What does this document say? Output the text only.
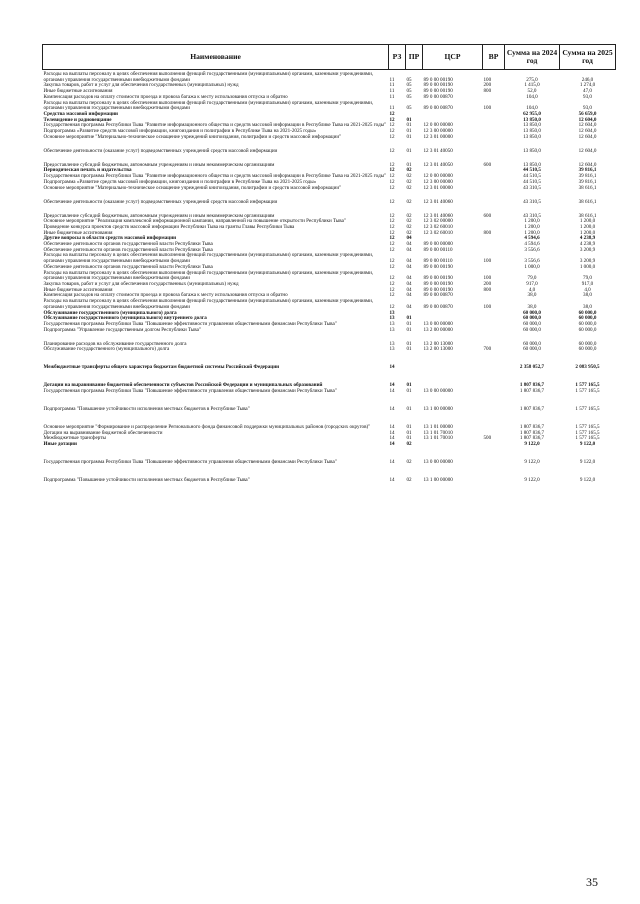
Наименование	РЗ	ПР	ЦСР	ВР	Сумма на 2024 год	Сумма на 2025 год
Расходы на выплаты персоналу в целях обеспечения выполнения функций государственными (муниципальными) органами, казенными учреждениями, органами управления государственными внебюджетными фондами	11	05	89 0 00 00190	100	275,0	246,0
Закупка товаров, работ и услуг для обеспечения государственных (муниципальных) нужд	11	05	89 0 00 00190	200	1 415,0	1 274,0
Иные бюджетные ассигнования	11	05	89 0 00 00190	800	52,0	47,0
Компенсация расходов на оплату стоимости проезда и провоза багажа к месту использования отпуска и обратно	11	05	89 0 00 00870		104,0	93,0
Расходы на выплаты персоналу в целях обеспечения выполнения функций государственными (муниципальными) органами, казенными учреждениями, органами управления государственными внебюджетными фондами	11	05	89 0 00 00870	100	104,0	93,0
Средства массовой информации	12				62 955,0	56 659,0
Телевидение и радиовещание	12	01			13 850,0	12 604,0
Государственная программа Республики Тыва "Развитие информационного общества и средств массовой информации в Республике Тыва на 2021-2025 годы"	12	01	12 0 00 00000		13 850,0	12 604,0
Подпрограмма «Развитие средств массовой информации, книгоиздания и полиграфии в Республике Тыва на 2021-2025 годы»	12	01	12 3 00 00000		13 850,0	12 604,0
Основное мероприятие "Материально-техническое оснащение учреждений книгоиздания, полиграфии и средств массовой информации"	12	01	12 3 01 00000		13 850,0	12 604,0
Обеспечение деятельности (оказание услуг) подведомственных учреждений средств массовой информации	12	01	12 3 01 40050		13 850,0	12 604,0
Предоставление субсидий бюджетным, автономным учреждениям и иным некоммерческим организациям	12	01	12 3 01 40050	600	13 850,0	12 604,0
Периодическая печать и издательства	12	02			44 510,5	39 816,1
Государственная программа Республики Тыва "Развитие информационного общества и средств массовой информации в Республике Тыва на 2021-2025 годы"	12	02	12 0 00 00000		44 510,5	39 816,1
Подпрограмма «Развитие средств массовой информации, книгоиздания и полиграфии в Республике Тыва на 2021-2025 годы»	12	02	12 3 00 00000		44 510,5	39 816,1
Основное мероприятие "Материально-техническое оснащение учреждений книгоиздания, полиграфии и средств массовой информации"	12	02	12 3 01 00000		43 310,5	38 616,1
Обеспечение деятельности (оказание услуг) подведомственных учреждений средств массовой информации	12	02	12 3 01 40060		43 310,5	38 616,1
Предоставление субсидий бюджетным, автономным учреждениям и иным некоммерческим организациям	12	02	12 3 01 40060	600	43 310,5	38 616,1
Основное мероприятие "Реализация комплексной информационной кампании, направленной на повышение открытости Республики Тыва"	12	02	12 3 02 00000		1 200,0	1 200,0
Проведение конкурса проектов средств массовой информации Республики Тыва на гранты Главы Республики Тыва	12	02	12 3 02 60010		1 200,0	1 200,0
Иные бюджетные ассигнования	12	02	12 3 02 60010	800	1 200,0	1 200,0
Другие вопросы в области средств массовой информации	12	04			4 594,6	4 238,9
Обеспечение деятельности органов государственной власти Республики Тыва	12	04	89 0 00 00000		4 594,6	4 238,9
Обеспечение деятельности органов государственной власти Республики Тыва	12	04	89 0 00 00110		3 556,6	3 200,9
Расходы на выплаты персоналу в целях обеспечения выполнения функций государственными (муниципальными) органами, казенными учреждениями, органами управления государственными внебюджетными фондами	12	04	89 0 00 00110	100	3 556,6	3 200,9
Обеспечение деятельности органов государственной власти Республики Тыва	12	04	89 0 00 00190		1 000,0	1 000,0
Расходы на выплаты персоналу в целях обеспечения выполнения функций государственными (муниципальными) органами, казенными учреждениями, органами управления государственными внебюджетными фондами	12	04	89 0 00 00190	100	79,0	79,0
Закупка товаров, работ и услуг для обеспечения государственных (муниципальных) нужд	12	04	89 0 00 00190	200	917,0	917,0
Иные бюджетные ассигнования	12	04	89 0 00 00190	800	4,0	4,0
Компенсация расходов на оплату стоимости проезда и провоза багажа к месту использования отпуска и обратно	12	04	89 0 00 00870		38,0	38,0
Расходы на выплаты персоналу в целях обеспечения выполнения функций государственными (муниципальными) органами, казенными учреждениями, органами управления государственными внебюджетными фондами	12	04	89 0 00 00870	100	38,0	38,0
Обслуживание государственного (муниципального) долга	13				60 000,0	60 000,0
Обслуживание государственного (муниципального) внутреннего долга	13	01			60 000,0	60 000,0
Государственная программа Республики Тыва "Повышение эффективности управления общественными финансами Республики Тыва"	13	01	13 0 00 00000		60 000,0	60 000,0
Подпрограмма "Управление государственным долгом Республики Тыва"	13	01	13 2 00 00000		60 000,0	60 000,0
Планирование расходов на обслуживание государственного долга	13	01	13 2 00 13000		60 000,0	60 000,0
Обслуживание государственного (муниципального) долга	13	01	13 2 00 13000	700	60 000,0	60 000,0
Межбюджетные трансферты общего характера бюджетам бюджетной системы Российской Федерации	14				2 358 052,7	2 083 950,5
Дотации на выравнивание бюджетной обеспеченности субъектов Российской Федерации и муниципальных образований	14	01			1 807 836,7	1 577 165,5
Государственная программа Республики Тыва "Повышение эффективности управления общественными финансами Республики Тыва"	14	01	13 0 00 00000		1 807 836,7	1 577 165,5
Подпрограмма "Повышение устойчивости исполнения местных бюджетов в Республике Тыва"	14	01	13 1 00 00000		1 807 836,7	1 577 165,5
Основное мероприятие "Формирование и распределение Регионального фонда финансовой поддержки муниципальных районов (городских округов)"	14	01	13 1 01 00000		1 807 836,7	1 577 165,5
Дотации на выравнивание бюджетной обеспеченности	14	01	13 1 01 70010		1 807 836,7	1 577 165,5
Межбюджетные трансферты	14	01	13 1 01 70010	500	1 807 836,7	1 577 165,5
Иные дотации	14	02			9 122,0	9 122,0
Государственная программа Республики Тыва "Повышение эффективности управления общественными финансами Республики Тыва"	14	02	13 0 00 00000		9 122,0	9 122,0
Подпрограмма "Повышение устойчивости исполнения местных бюджетов в Республике Тыва"	14	02	13 1 00 00000		9 122,0	9 122,0
35
